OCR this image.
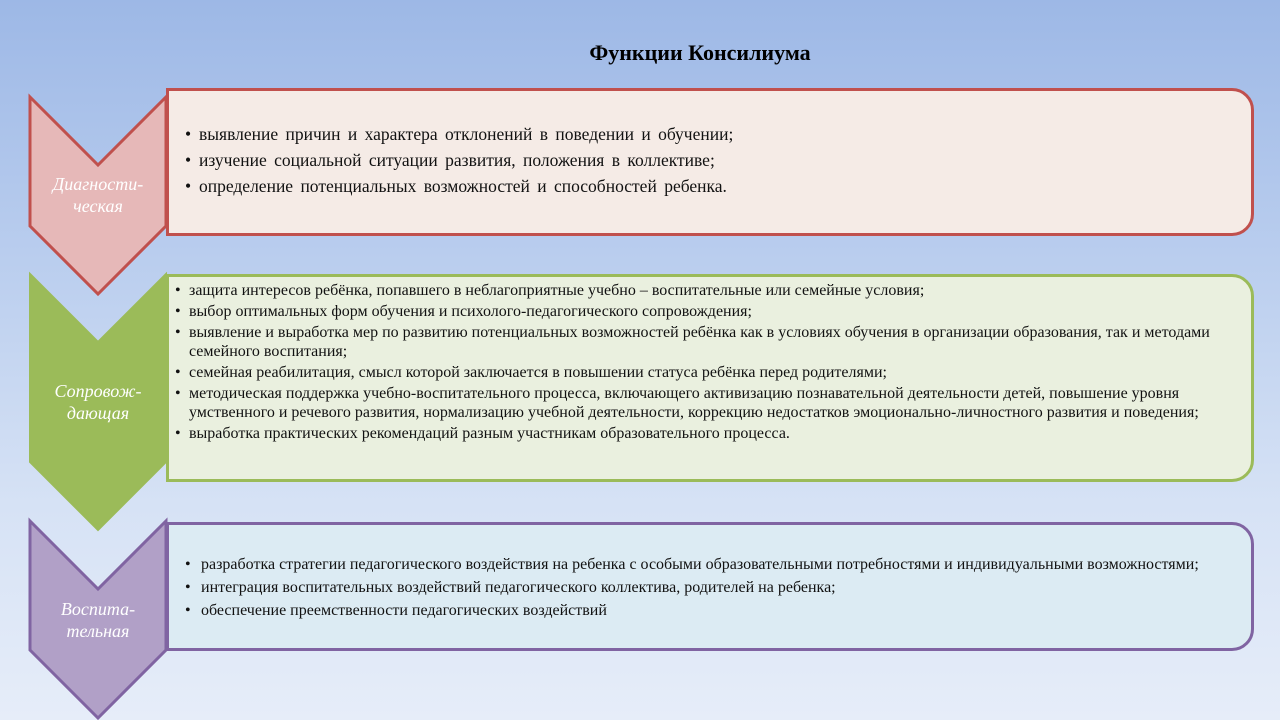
Функции Консилиума
Диагности-
ческая
Сопровож-
дающая
Воспита-
тельная
• выявление причин и характера отклонений в поведении и обучении;
• изучение социальной ситуации развития, положения в коллективе;
• определение потенциальных возможностей и способностей ребенка.
• защита интересов ребёнка, попавшего в неблагоприятные учебно – воспитательные или семейные условия;
• выбор оптимальных форм обучения и психолого-педагогического сопровождения;
• выявление и выработка мер по развитию потенциальных возможностей ребёнка как в условиях обучения в организации образования, так и методами семейного воспитания;
• семейная реабилитация, смысл которой заключается в повышении статуса ребёнка перед родителями;
• методическая поддержка учебно-воспитательного процесса, включающего активизацию познавательной деятельности детей, повышение уровня умственного и речевого развития, нормализацию учебной деятельности, коррекцию недостатков эмоционально-личностного развития и поведения;
• выработка практических рекомендаций разным участникам образовательного процесса.
• разработка стратегии педагогического воздействия на ребенка с особыми образовательными потребностями и индивидуальными возможностями;
• интеграция воспитательных воздействий педагогического коллектива, родителей на ребенка;
• обеспечение преемственности педагогических воздействий
